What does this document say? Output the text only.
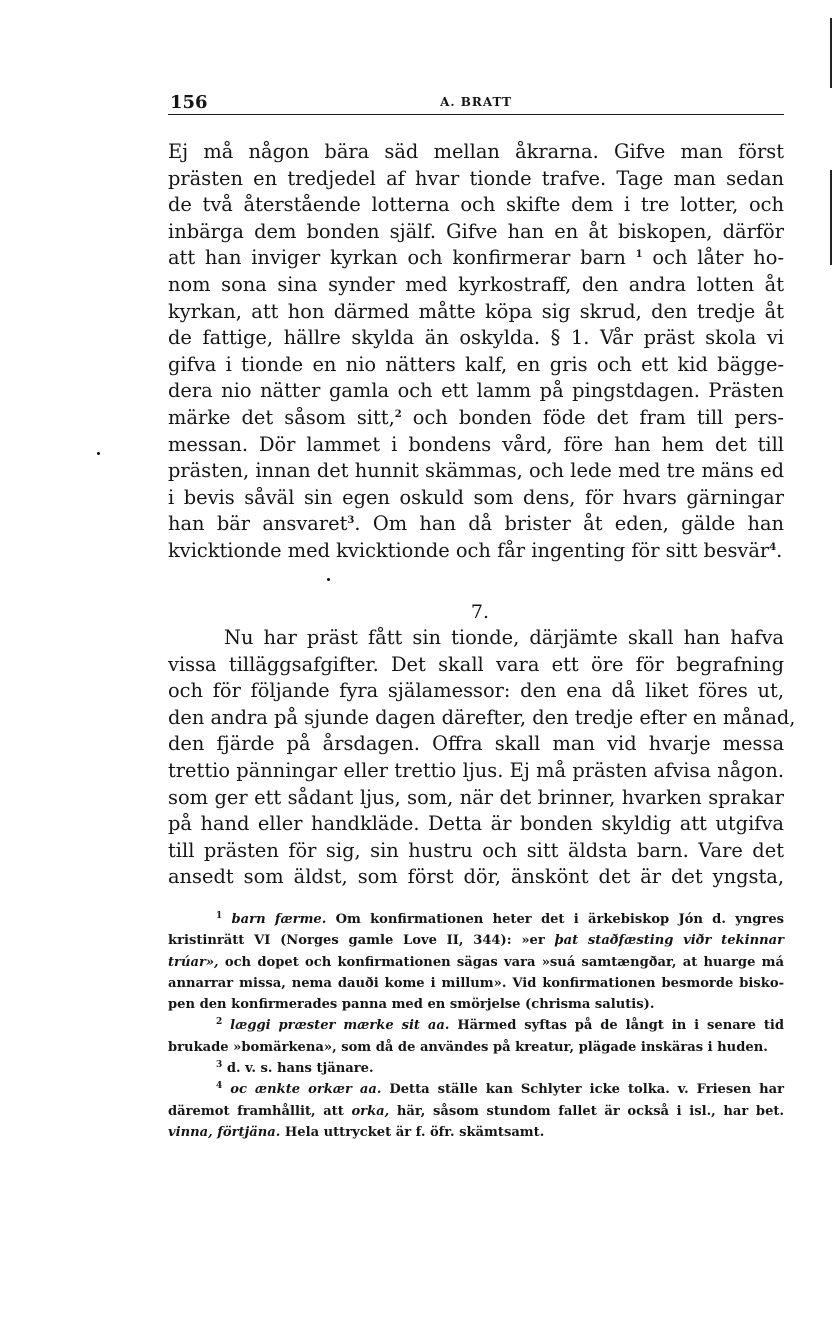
156	A. BRATT
Ej må någon bära säd mellan åkrarna. Gifve man först
prästen en tredjedel af hvar tionde trafve. Tage man sedan
de två återstående lotterna och skifte dem i tre lotter, och
inbärga dem bonden själf. Gifve han en åt biskopen, därför
att han inviger kyrkan och konfirmerar barn $^1$ och låter ho-
nom sona sina synder med kyrkostraff, den andra lotten åt
kyrkan, att hon därmed måtte köpa sig skrud, den tredje åt
de fattige, hällre skylda än oskylda. § 1. Vår präst skola vi
gifva i tionde en nio nätters kalf, en gris och ett kid bägge-
dera nio nätter gamla och ett lamm på pingstdagen. Prästen
märke det såsom sitt,$^2$ och bonden föde det fram till pers-
messan. Dör lammet i bondens vård, före han hem det till
prästen, innan det hunnit skämmas, och lede med tre mäns ed
i bevis såväl sin egen oskuld som dens, för hvars gärningar
han bär ansvaret$^3$. Om han då brister åt eden, gälde han
kvicktionde med kvicktionde och får ingenting för sitt besvär$^4$.
7.
Nu har präst fått sin tionde, därjämte skall han hafva
vissa tilläggsafgifter. Det skall vara ett öre för begrafning
och för följande fyra själamessor: den ena då liket föres ut,
den andra på sjunde dagen därefter, den tredje efter en månad,
den fjärde på årsdagen. Offra skall man vid hvarje messa
trettio pänningar eller trettio ljus. Ej må prästen afvisa någon.
som ger ett sådant ljus, som, när det brinner, hvarken sprakar
på hand eller handkläde. Detta är bonden skyldig att utgifva
till prästen för sig, sin hustru och sitt äldsta barn. Vare det
ansedt som äldst, som först dör, änskönt det är det yngsta,
$^1$ barn færme. Om konfirmationen heter det i ärkebiskop Jón d. yngres
kristinrätt VI (Norges gamle Love II, 344): »er þat staðfæsting viðr tekinnar
trúar», och dopet och konfirmationen sägas vara »suá samtængðar, at huarge má
annarrar missa, nema dauði kome i millum». Vid konfirmationen besmorde bisko-
pen den konfirmerades panna med en smörjelse (chrisma salutis).
$^2$ læggi præster mærke sit aa. Härmed syftas på de långt in i senare tid
brukade »bomärkena», som då de användes på kreatur, plägade inskäras i huden.
$^3$ d. v. s. hans tjänare.
$^4$ oc ænkte orkær aa. Detta ställe kan Schlyter icke tolka. v. Friesen har
däremot framhållit, att orka, här, såsom stundom fallet är också i isl., har bet.
vinna, förtjäna. Hela uttrycket är f. öfr. skämtsamt.
